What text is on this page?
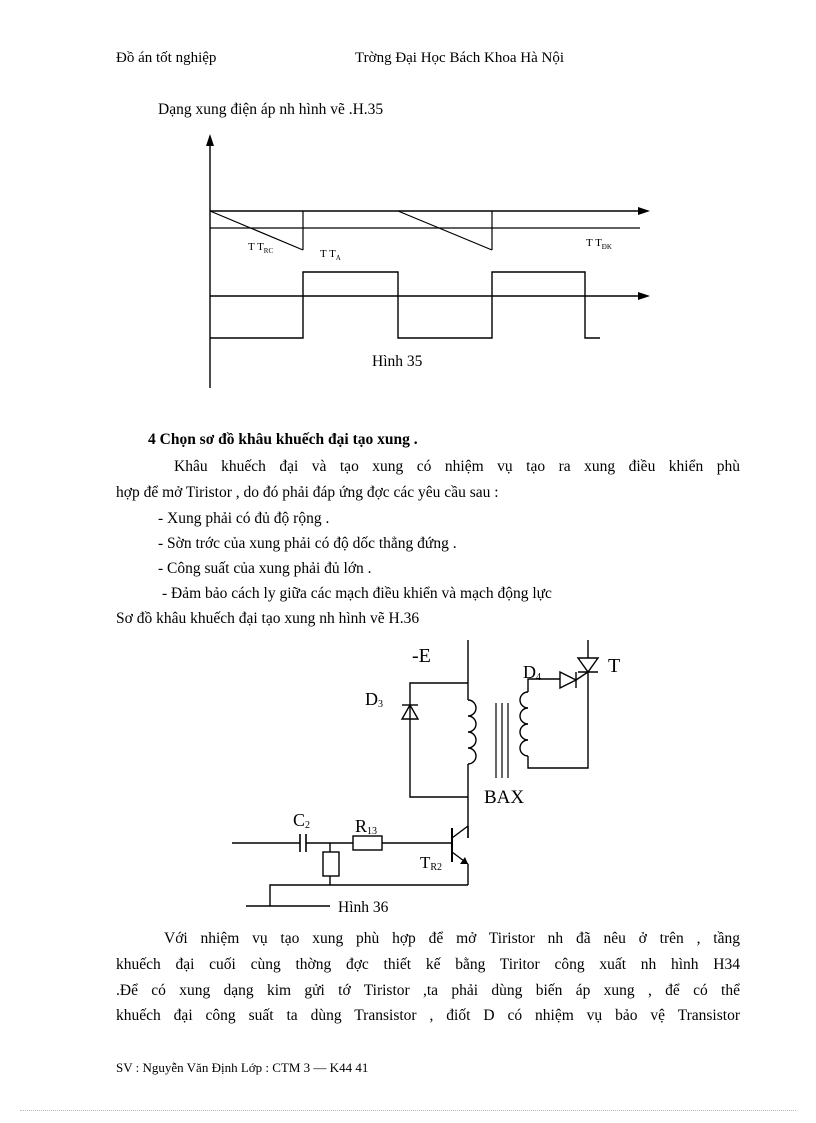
Đồ án tốt nghiệp	Trờng Đại Học Bách Khoa Hà Nội
Dạng xung điện áp nh hình vẽ .H.35
T $T_{RC}$	T $T_A$
T $T_{ĐK}$
Hình 35
4 Chọn sơ đồ khâu khuếch đại tạo xung .
Khâu khuếch đại và tạo xung có nhiệm vụ tạo ra xung điều khiển phù
hợp để mở Tiristor , do đó phải đáp ứng đợc các yêu cầu sau :
- Xung phải có đủ độ rộng .
- Sờn trớc của xung phải có độ dốc thẳng đứng .
- Công suất của xung phải đủ lớn .
- Đảm bảo cách ly giữa các mạch điều khiển và mạch động lực
Sơ đồ khâu khuếch đại tạo xung nh hình vẽ H.36
-E
D3
BAX
D4
T
TR2
C2 R13
Hình 36
Với nhiệm vụ tạo xung phù hợp để mở Tiristor nh đã nêu ở trên , tầng
khuếch đại cuối cùng thờng đợc thiết kế bằng Tiritor công xuất nh hình H34
.Để có xung dạng kim gửi tớ Tiristor ,ta phải dùng biến áp xung , để có thể
khuếch đại công suất ta dùng Transistor , điốt D có nhiệm vụ bảo vệ Transistor
SV : Nguyễn Văn Định Lớp : CTM 3 — K44 41
